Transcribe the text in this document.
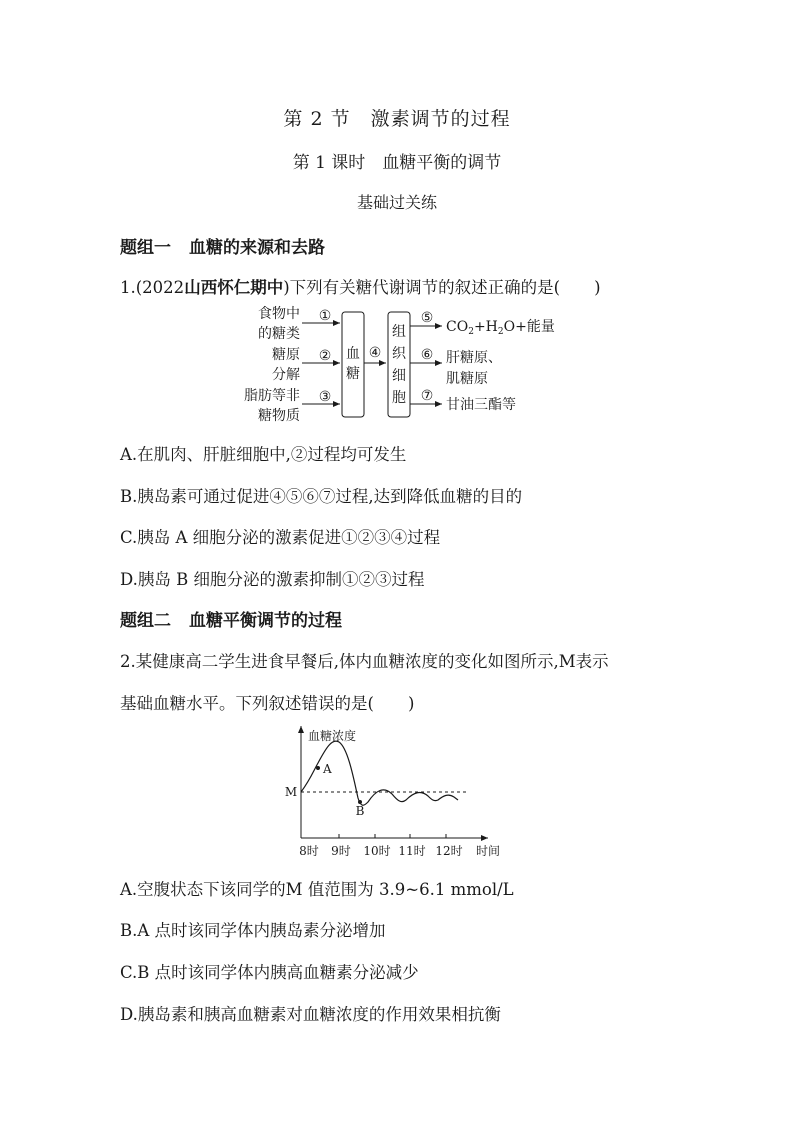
第 2 节　激素调节的过程
第 1 课时　血糖平衡的调节
基础过关练
题组一 血糖的来源和去路
1.(2022山西怀仁期中)下列有关糖代谢调节的叙述正确的是( )
食物中
的糖类
糖原
分解
脂肪等非
糖物质
①
②
③
血
糖
④
组
织
细
胞
⑤
⑥
⑦
$CO_2+H_2O+$能量
肝糖原、
肌糖原
甘油三酯等
A.在肌肉、肝脏细胞中,②过程均可发生
B.胰岛素可通过促进④⑤⑥⑦过程,达到降低血糖的目的
C.胰岛 A 细胞分泌的激素促进①②③④过程
D.胰岛 B 细胞分泌的激素抑制①②③过程
题组二 血糖平衡调节的过程
2.某健康高二学生进食早餐后,体内血糖浓度的变化如图所示,M表示
基础血糖水平。下列叙述错误的是( )
血糖浓度
M
A
B
8时 9时 10时 11时 12时 时间
A.空腹状态下该同学的M 值范围为 3.9~6.1 mmol/L
B.A 点时该同学体内胰岛素分泌增加
C.B 点时该同学体内胰高血糖素分泌减少
D.胰岛素和胰高血糖素对血糖浓度的作用效果相抗衡
